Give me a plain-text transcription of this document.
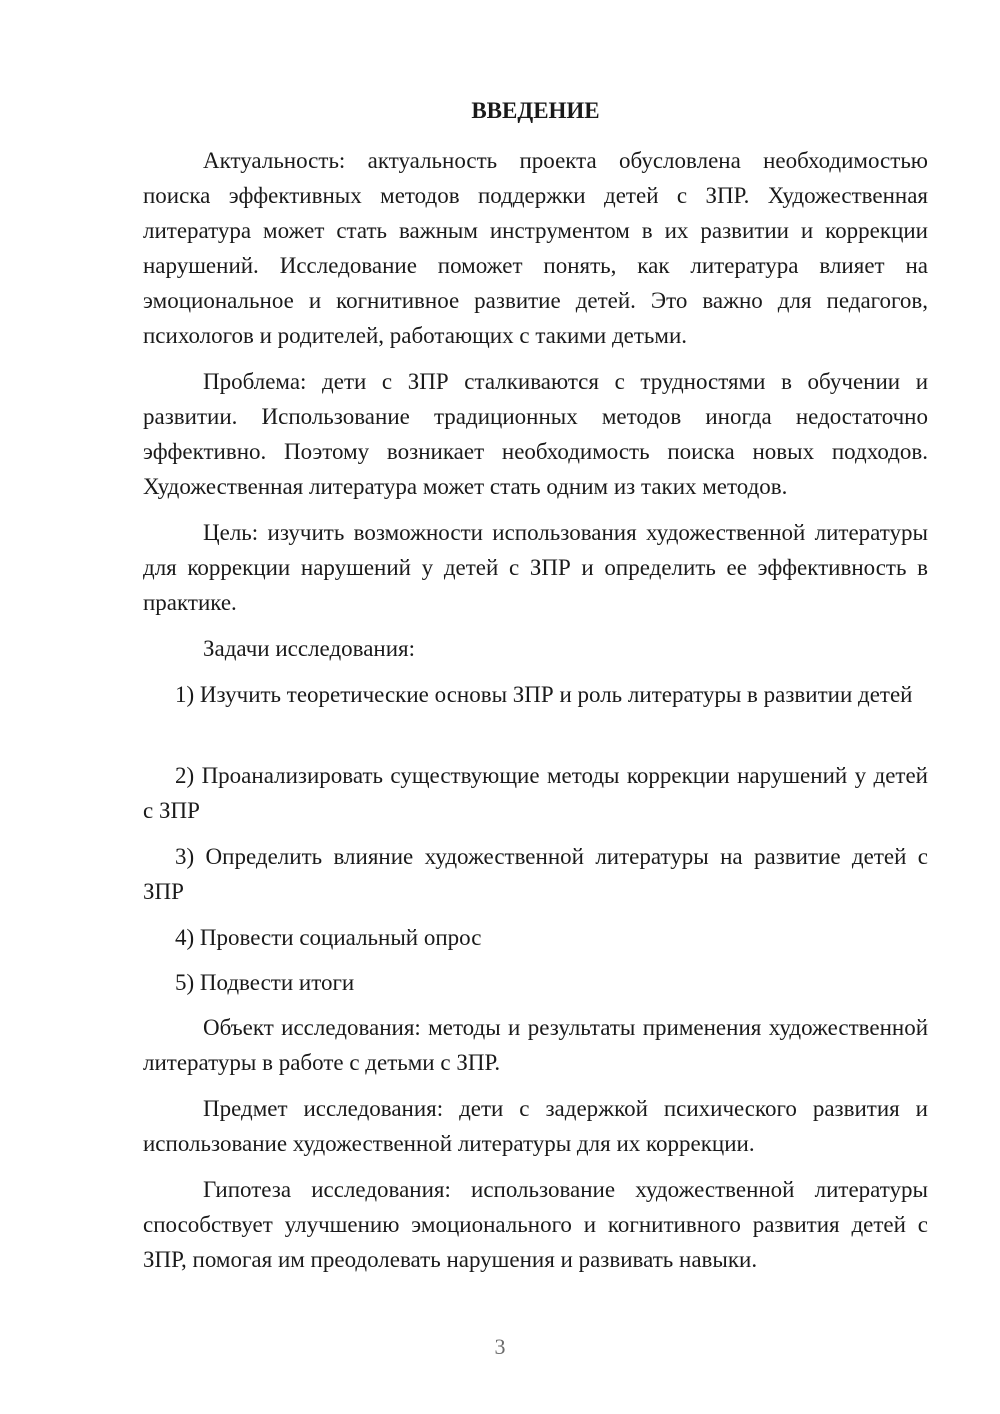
ВВЕДЕНИЕ

Актуальность: актуальность проекта обусловлена необходимостью поиска эффективных методов поддержки детей с ЗПР. Художественная литература может стать важным инструментом в их развитии и коррекции нарушений. Исследование поможет понять, как литература влияет на эмоциональное и когнитивное развитие детей. Это важно для педагогов, психологов и родителей, работающих с такими детьми.

Проблема: дети с ЗПР сталкиваются с трудностями в обучении и развитии. Использование традиционных методов иногда недостаточно эффективно. Поэтому возникает необходимость поиска новых подходов. Художественная литература может стать одним из таких методов.

Цель: изучить возможности использования художественной литературы для коррекции нарушений у детей с ЗПР и определить ее эффективность в практике.

Задачи исследования:

1) Изучить теоретические основы ЗПР и роль литературы в развитии детей

2) Проанализировать существующие методы коррекции нарушений у детей с ЗПР

3) Определить влияние художественной литературы на развитие детей с ЗПР

4) Провести социальный опрос

5) Подвести итоги

Объект исследования: методы и результаты применения художественной литературы в работе с детьми с ЗПР.

Предмет исследования: дети с задержкой психического развития и использование художественной литературы для их коррекции.

Гипотеза исследования: использование художественной литературы способствует улучшению эмоционального и когнитивного развития детей с ЗПР, помогая им преодолевать нарушения и развивать навыки.

3
